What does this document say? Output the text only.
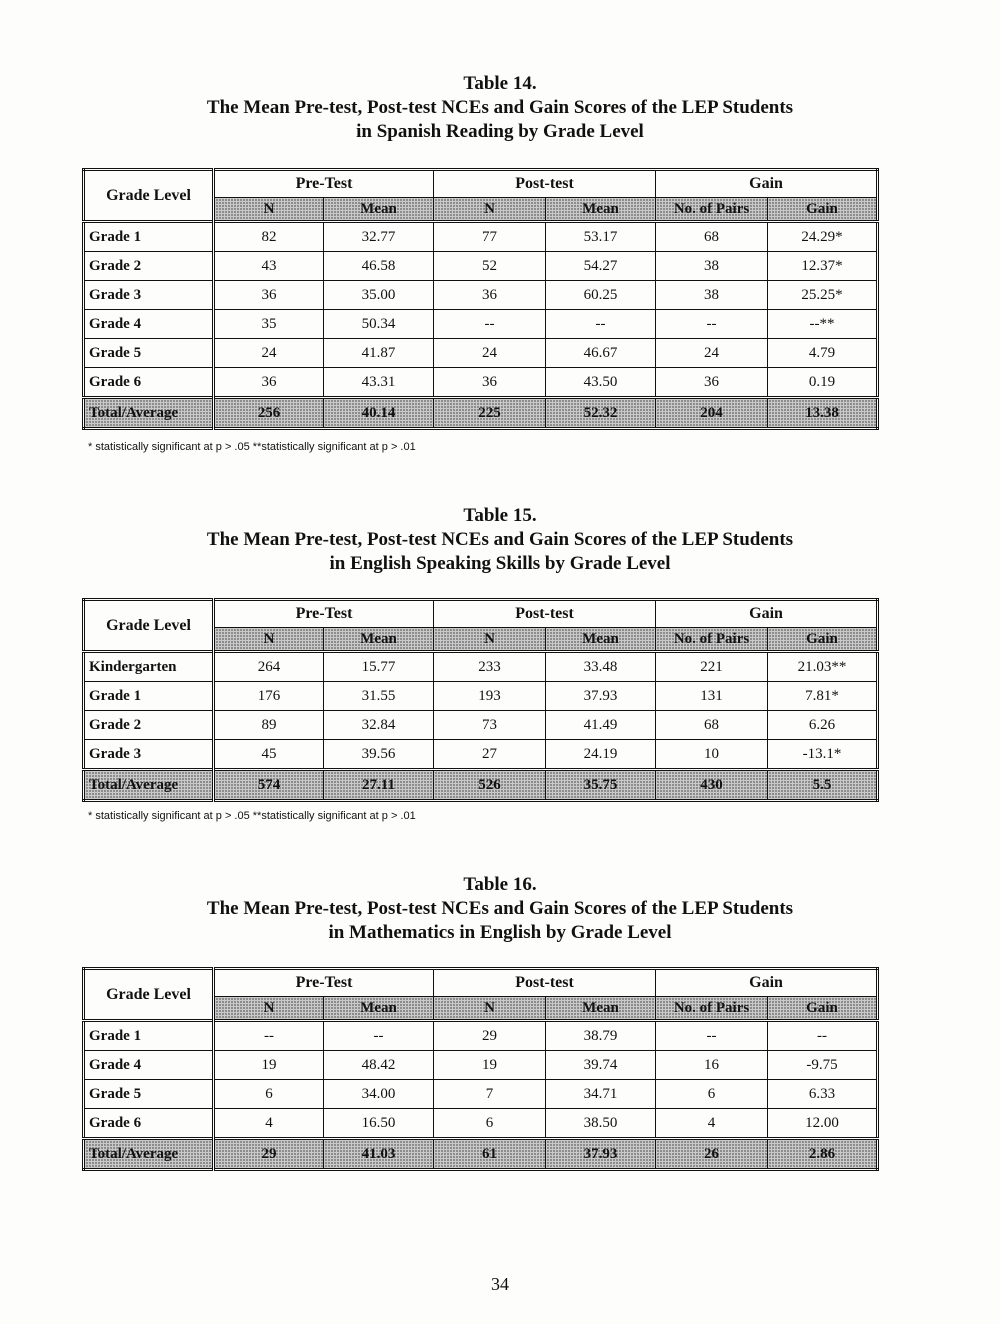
Table 14.
The Mean Pre-test, Post-test NCEs and Gain Scores of the LEP Students
in Spanish Reading by Grade Level
Grade Level	Pre-Test		Post-test		Gain	
	N	Mean	N	Mean	No. of Pairs	Gain
Grade 1	82	32.77	77	53.17	68	24.29*
Grade 2	43	46.58	52	54.27	38	12.37*
Grade 3	36	35.00	36	60.25	38	25.25*
Grade 4	35	50.34	--	--	--	--**
Grade 5	24	41.87	24	46.67	24	4.79
Grade 6	36	43.31	36	43.50	36	0.19
Total/Average	256	40.14	225	52.32	204	13.38
* statistically significant at p > .05 **statistically significant at p > .01
Table 15.
The Mean Pre-test, Post-test NCEs and Gain Scores of the LEP Students
in English Speaking Skills by Grade Level
Grade Level	Pre-Test		Post-test		Gain	
	N	Mean	N	Mean	No. of Pairs	Gain
Kindergarten	264	15.77	233	33.48	221	21.03**
Grade 1	176	31.55	193	37.93	131	7.81*
Grade 2	89	32.84	73	41.49	68	6.26
Grade 3	45	39.56	27	24.19	10	-13.1*
Total/Average	574	27.11	526	35.75	430	5.5
* statistically significant at p > .05 **statistically significant at p > .01
Table 16.
The Mean Pre-test, Post-test NCEs and Gain Scores of the LEP Students
in Mathematics in English by Grade Level
Grade Level	Pre-Test		Post-test		Gain	
	N	Mean	N	Mean	No. of Pairs	Gain
Grade 1	--	--	29	38.79	--	--
Grade 4	19	48.42	19	39.74	16	-9.75
Grade 5	6	34.00	7	34.71	6	6.33
Grade 6	4	16.50	6	38.50	4	12.00
Total/Average	29	41.03	61	37.93	26	2.86
34
